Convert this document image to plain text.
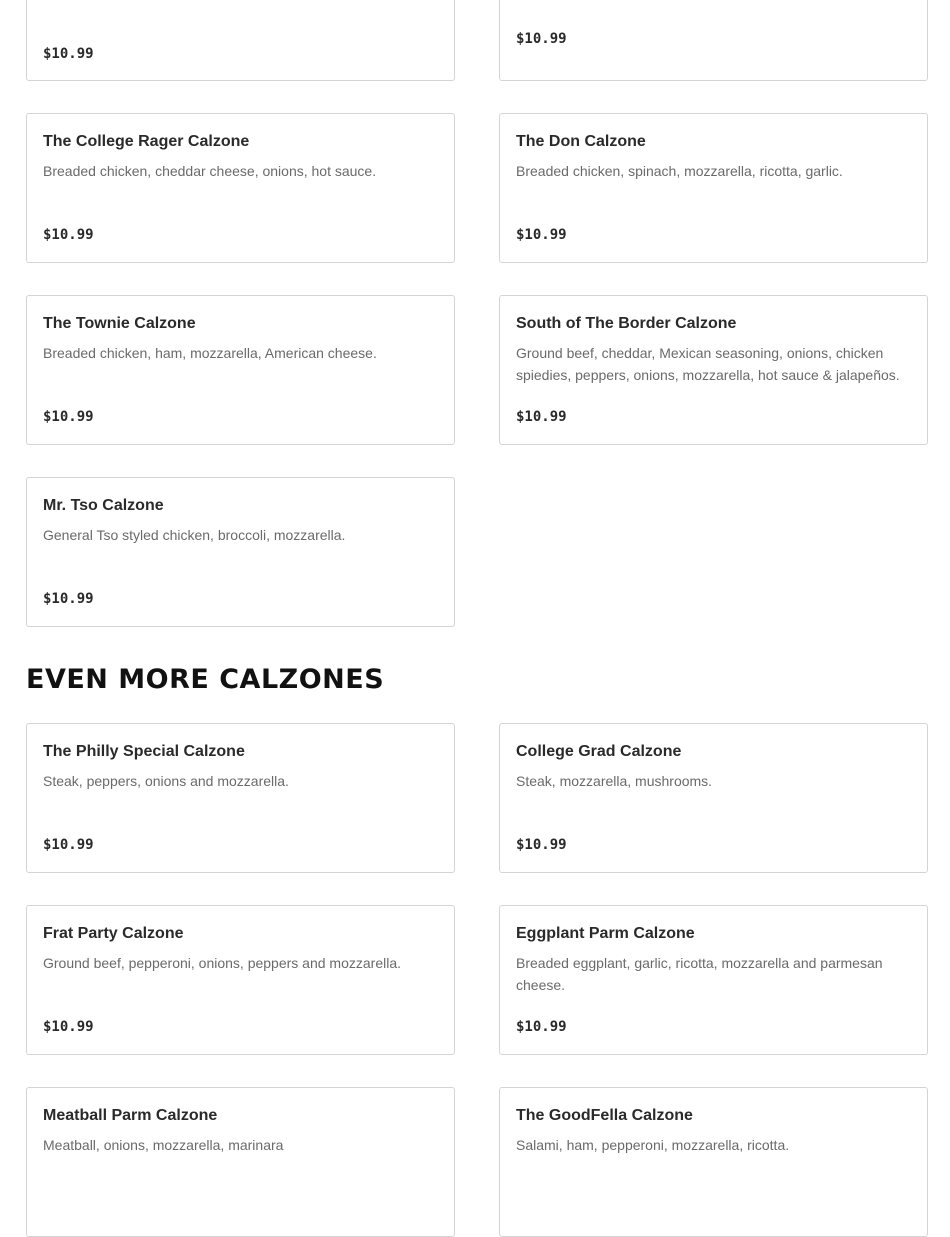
$10.99
$10.99
The College Rager Calzone
Breaded chicken, cheddar cheese, onions, hot sauce.
$10.99
The Don Calzone
Breaded chicken, spinach, mozzarella, ricotta, garlic.
$10.99
The Townie Calzone
Breaded chicken, ham, mozzarella, American cheese.
$10.99
South of The Border Calzone
Ground beef, cheddar, Mexican seasoning, onions, chicken spiedies, peppers, onions, mozzarella, hot sauce & jalapeños.
$10.99
Mr. Tso Calzone
General Tso styled chicken, broccoli, mozzarella.
$10.99
EVEN MORE CALZONES
The Philly Special Calzone
Steak, peppers, onions and mozzarella.
$10.99
College Grad Calzone
Steak, mozzarella, mushrooms.
$10.99
Frat Party Calzone
Ground beef, pepperoni, onions, peppers and mozzarella.
$10.99
Eggplant Parm Calzone
Breaded eggplant, garlic, ricotta, mozzarella and parmesan cheese.
$10.99
Meatball Parm Calzone
Meatball, onions, mozzarella, marinara
The GoodFella Calzone
Salami, ham, pepperoni, mozzarella, ricotta.
